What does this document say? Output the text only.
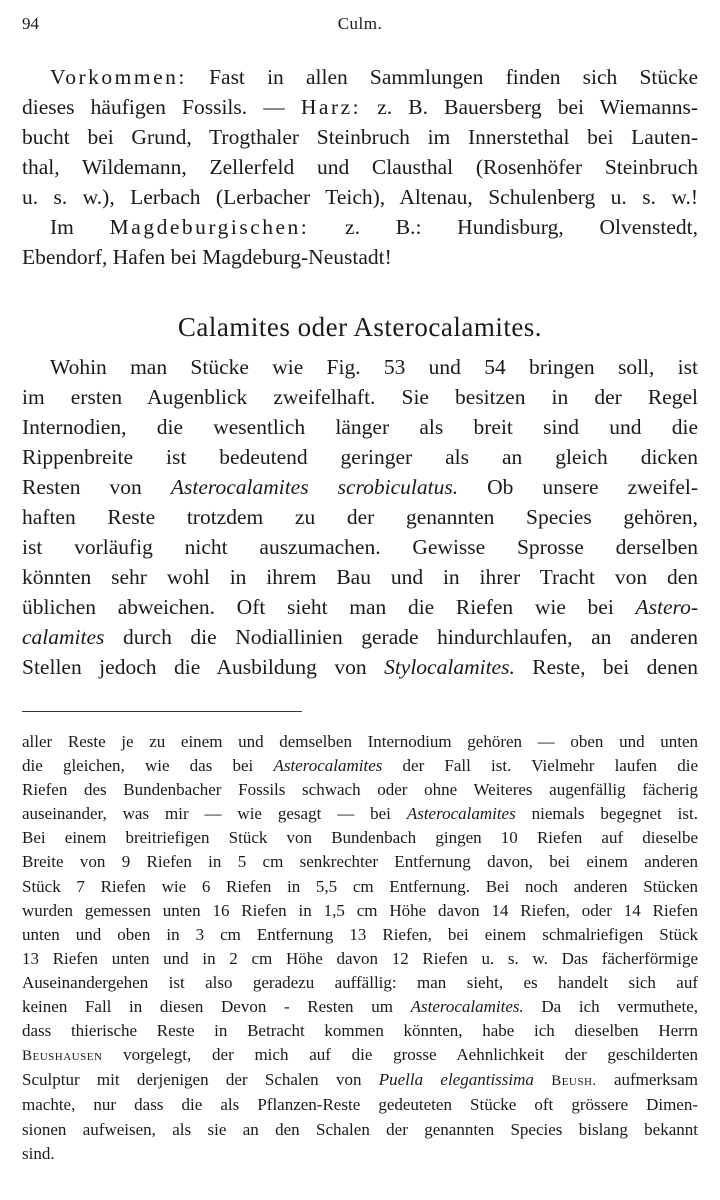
94	Culm.
Vorkommen: Fast in allen Sammlungen finden sich Stücke
dieses häufigen Fossils. — Harz: z. B. Bauersberg bei Wiemanns-
bucht bei Grund, Trogthaler Steinbruch im Innerstethal bei Lauten-
thal, Wildemann, Zellerfeld und Clausthal (Rosenhöfer Steinbruch
u. s. w.), Lerbach (Lerbacher Teich), Altenau, Schulenberg u. s. w.!
Im Magdeburgischen: z. B.: Hundisburg, Olvenstedt,
Ebendorf, Hafen bei Magdeburg-Neustadt!
Calamites oder Asterocalamites.
Wohin man Stücke wie Fig. 53 und 54 bringen soll, ist
im ersten Augenblick zweifelhaft. Sie besitzen in der Regel
Internodien, die wesentlich länger als breit sind und die
Rippenbreite ist bedeutend geringer als an gleich dicken
Resten von Asterocalamites scrobiculatus. Ob unsere zweifel-
haften Reste trotzdem zu der genannten Species gehören,
ist vorläufig nicht auszumachen. Gewisse Sprosse derselben
könnten sehr wohl in ihrem Bau und in ihrer Tracht von den
üblichen abweichen. Oft sieht man die Riefen wie bei Astero-
calamites durch die Nodiallinien gerade hindurchlaufen, an anderen
Stellen jedoch die Ausbildung von Stylocalamites. Reste, bei denen
aller Reste je zu einem und demselben Internodium gehören — oben und unten
die gleichen, wie das bei Asterocalamites der Fall ist. Vielmehr laufen die
Riefen des Bundenbacher Fossils schwach oder ohne Weiteres augenfällig fächerig
auseinander, was mir — wie gesagt — bei Asterocalamites niemals begegnet ist.
Bei einem breitriefigen Stück von Bundenbach gingen 10 Riefen auf dieselbe
Breite von 9 Riefen in 5 cm senkrechter Entfernung davon, bei einem anderen
Stück 7 Riefen wie 6 Riefen in 5,5 cm Entfernung. Bei noch anderen Stücken
wurden gemessen unten 16 Riefen in 1,5 cm Höhe davon 14 Riefen, oder 14 Riefen
unten und oben in 3 cm Entfernung 13 Riefen, bei einem schmalriefigen Stück
13 Riefen unten und in 2 cm Höhe davon 12 Riefen u. s. w. Das fächerförmige
Auseinandergehen ist also geradezu auffällig: man sieht, es handelt sich auf
keinen Fall in diesen Devon - Resten um Asterocalamites. Da ich vermuthete,
dass thierische Reste in Betracht kommen könnten, habe ich dieselben Herrn
Beushausen vorgelegt, der mich auf die grosse Aehnlichkeit der geschilderten
Sculptur mit derjenigen der Schalen von Puella elegantissima Beush. aufmerksam
machte, nur dass die als Pflanzen-Reste gedeuteten Stücke oft grössere Dimen-
sionen aufweisen, als sie an den Schalen der genannten Species bislang bekannt
sind.
